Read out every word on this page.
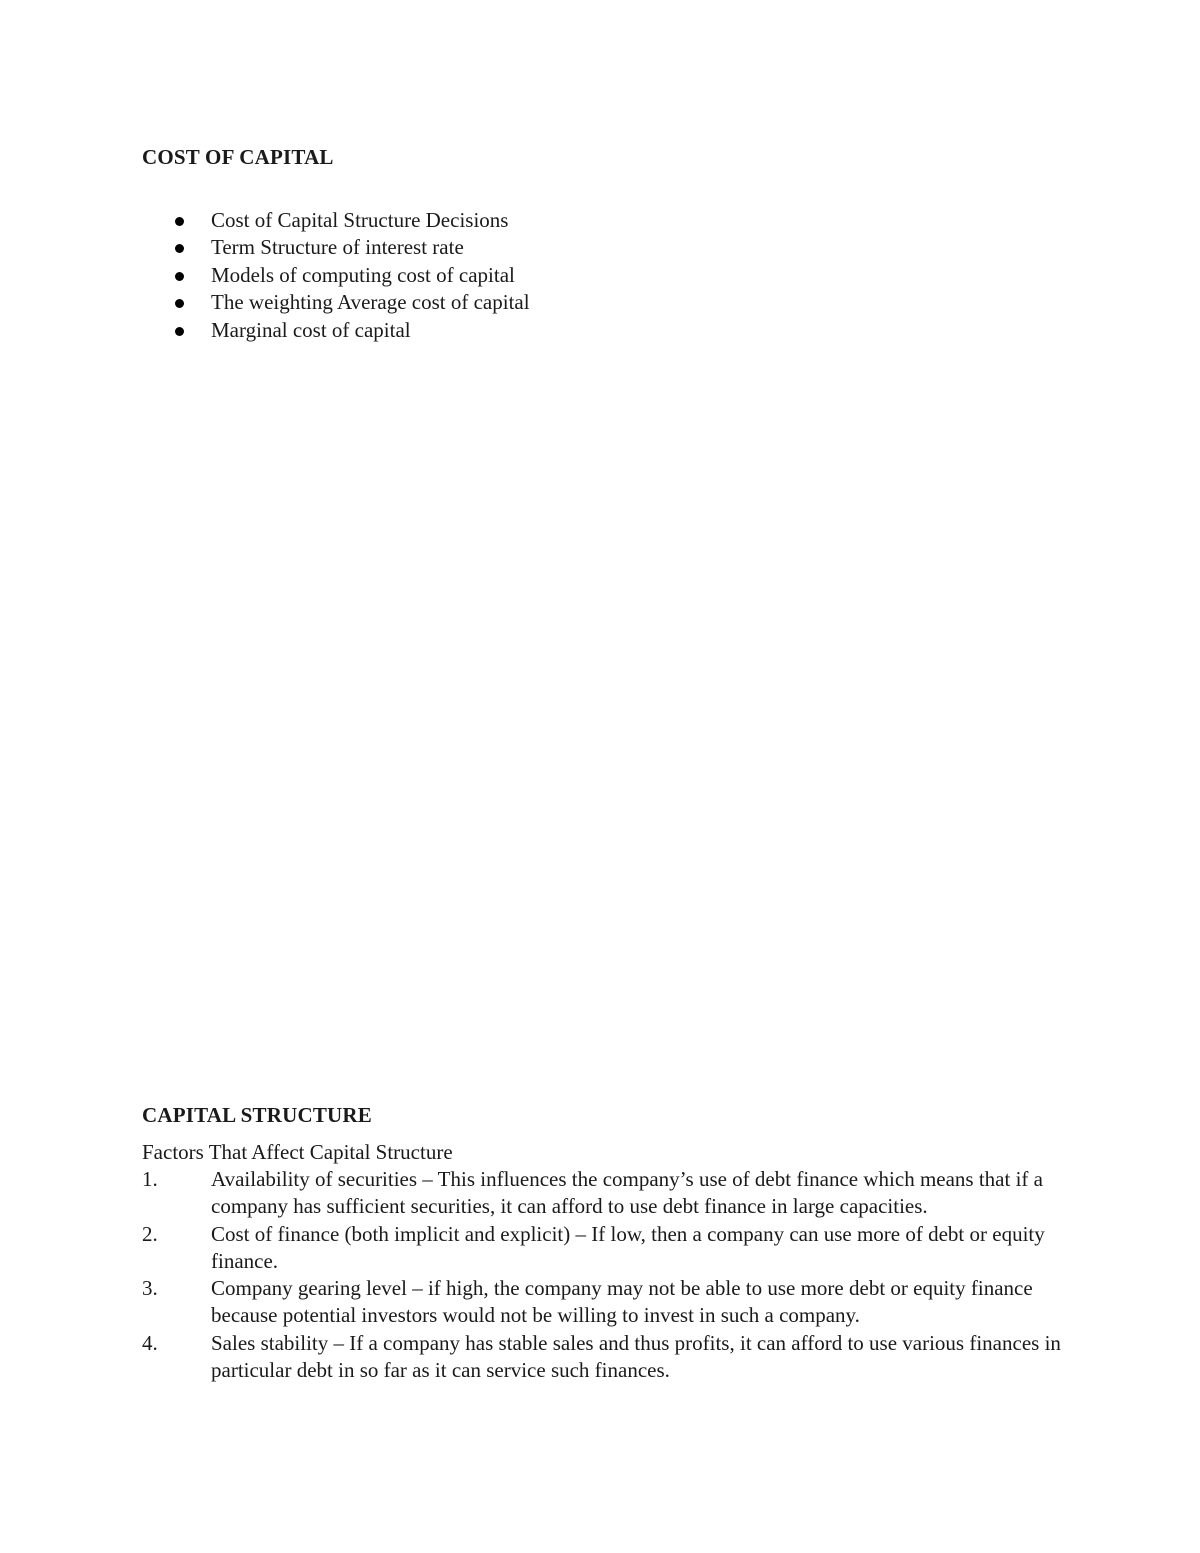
COST OF CAPITAL
Cost of Capital Structure Decisions
Term Structure of interest rate
Models of computing cost of capital
The weighting Average cost of capital
Marginal cost of capital
CAPITAL STRUCTURE
Factors That Affect Capital Structure
1.	Availability of securities – This influences the company’s use of debt finance which means that if a company has sufficient securities, it can afford to use debt finance in large capacities.
2.	Cost of finance (both implicit and explicit) – If low, then a company can use more of debt or equity finance.
3.	Company gearing level – if high, the company may not be able to use more debt or equity finance because potential investors would not be willing to invest in such a company.
4.	Sales stability – If a company has stable sales and thus profits, it can afford to use various finances in particular debt in so far as it can service such finances.
